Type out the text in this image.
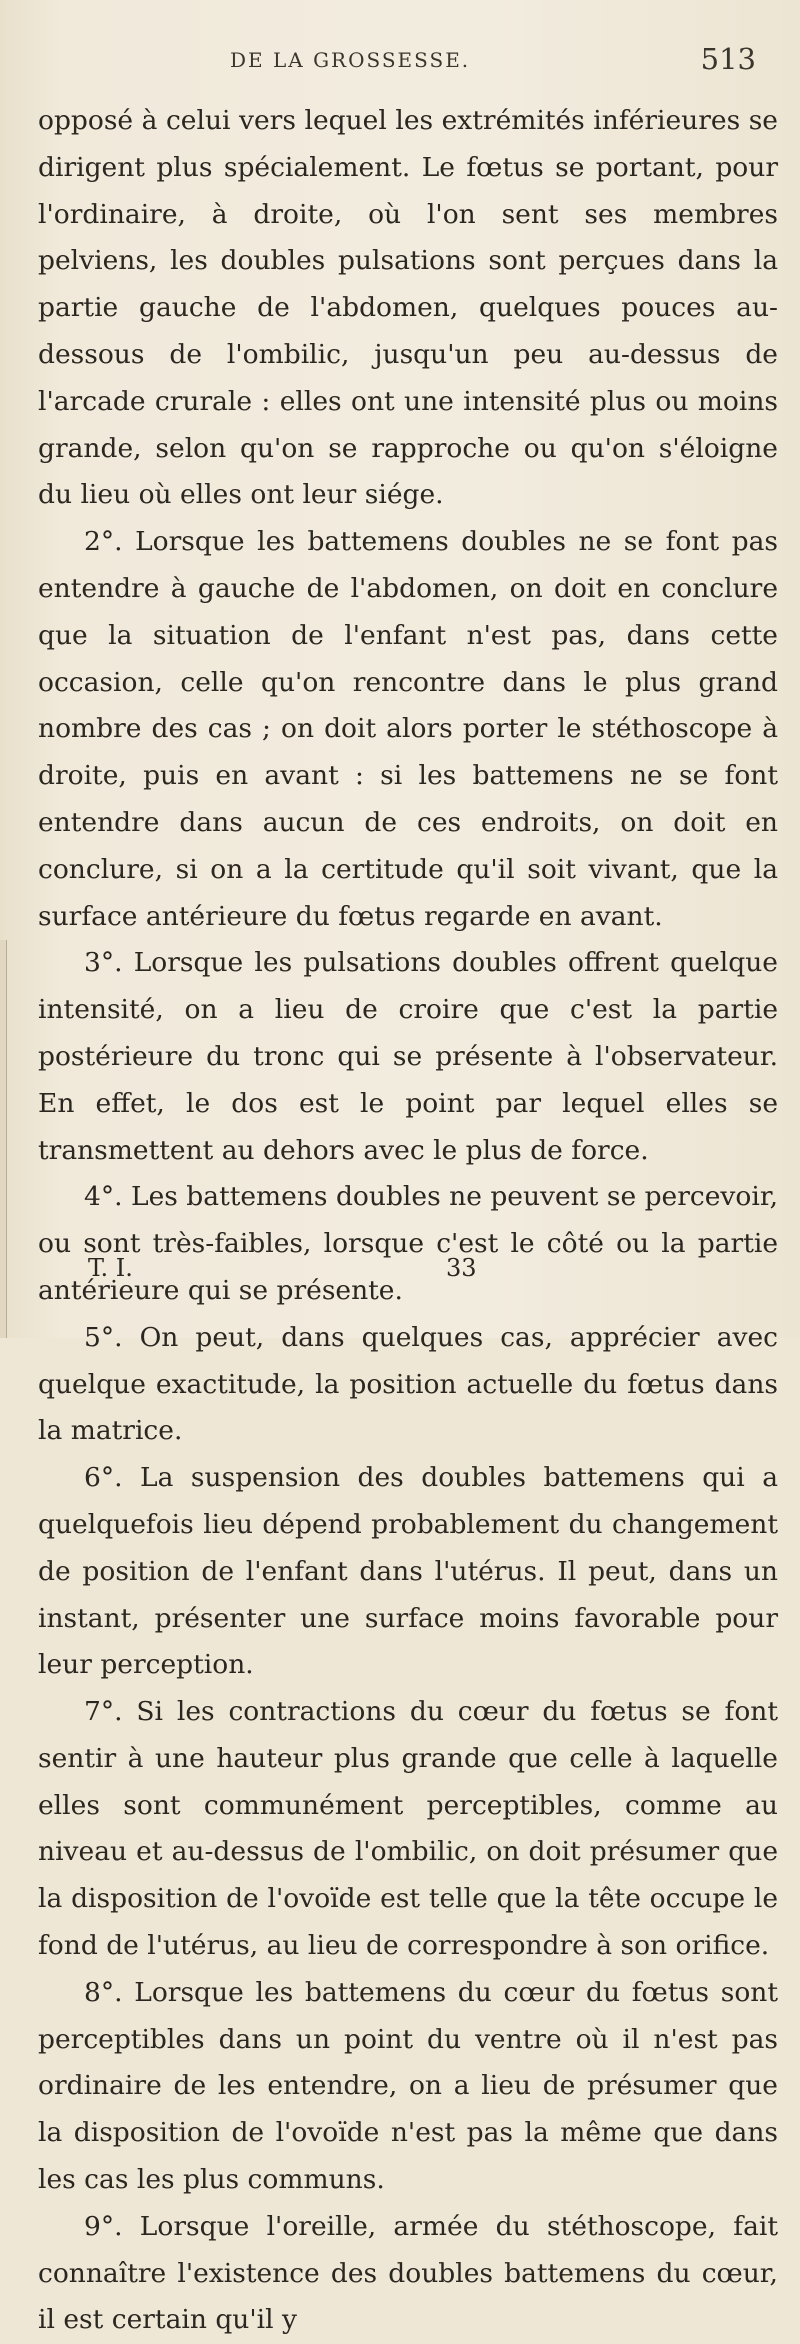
DE LA GROSSESSE.	513

opposé à celui vers lequel les extrémités inférieures se dirigent plus spécialement. Le fœtus se portant, pour l'ordinaire, à droite, où l'on sent ses membres pelviens, les doubles pulsations sont perçues dans la partie gauche de l'abdomen, quelques pouces au-dessous de l'ombilic, jusqu'un peu au-dessus de l'arcade crurale : elles ont une intensité plus ou moins grande, selon qu'on se rapproche ou qu'on s'éloigne du lieu où elles ont leur siége.

2°. Lorsque les battemens doubles ne se font pas entendre à gauche de l'abdomen, on doit en conclure que la situation de l'enfant n'est pas, dans cette occasion, celle qu'on rencontre dans le plus grand nombre des cas ; on doit alors porter le stéthoscope à droite, puis en avant : si les battemens ne se font entendre dans aucun de ces endroits, on doit en conclure, si on a la certitude qu'il soit vivant, que la surface antérieure du fœtus regarde en avant.

3°. Lorsque les pulsations doubles offrent quelque intensité, on a lieu de croire que c'est la partie postérieure du tronc qui se présente à l'observateur. En effet, le dos est le point par lequel elles se transmettent au dehors avec le plus de force.

4°. Les battemens doubles ne peuvent se percevoir, ou sont très-faibles, lorsque c'est le côté ou la partie antérieure qui se présente.

5°. On peut, dans quelques cas, apprécier avec quelque exactitude, la position actuelle du fœtus dans la matrice.

6°. La suspension des doubles battemens qui a quelquefois lieu dépend probablement du changement de position de l'enfant dans l'utérus. Il peut, dans un instant, présenter une surface moins favorable pour leur perception.

7°. Si les contractions du cœur du fœtus se font sentir à une hauteur plus grande que celle à laquelle elles sont communément perceptibles, comme au niveau et au-dessus de l'ombilic, on doit présumer que la disposition de l'ovoïde est telle que la tête occupe le fond de l'utérus, au lieu de correspondre à son orifice.

8°. Lorsque les battemens du cœur du fœtus sont perceptibles dans un point du ventre où il n'est pas ordinaire de les entendre, on a lieu de présumer que la disposition de l'ovoïde n'est pas la même que dans les cas les plus communs.

9°. Lorsque l'oreille, armée du stéthoscope, fait connaître l'existence des doubles battemens du cœur, il est certain qu'il y

T. I.	33
